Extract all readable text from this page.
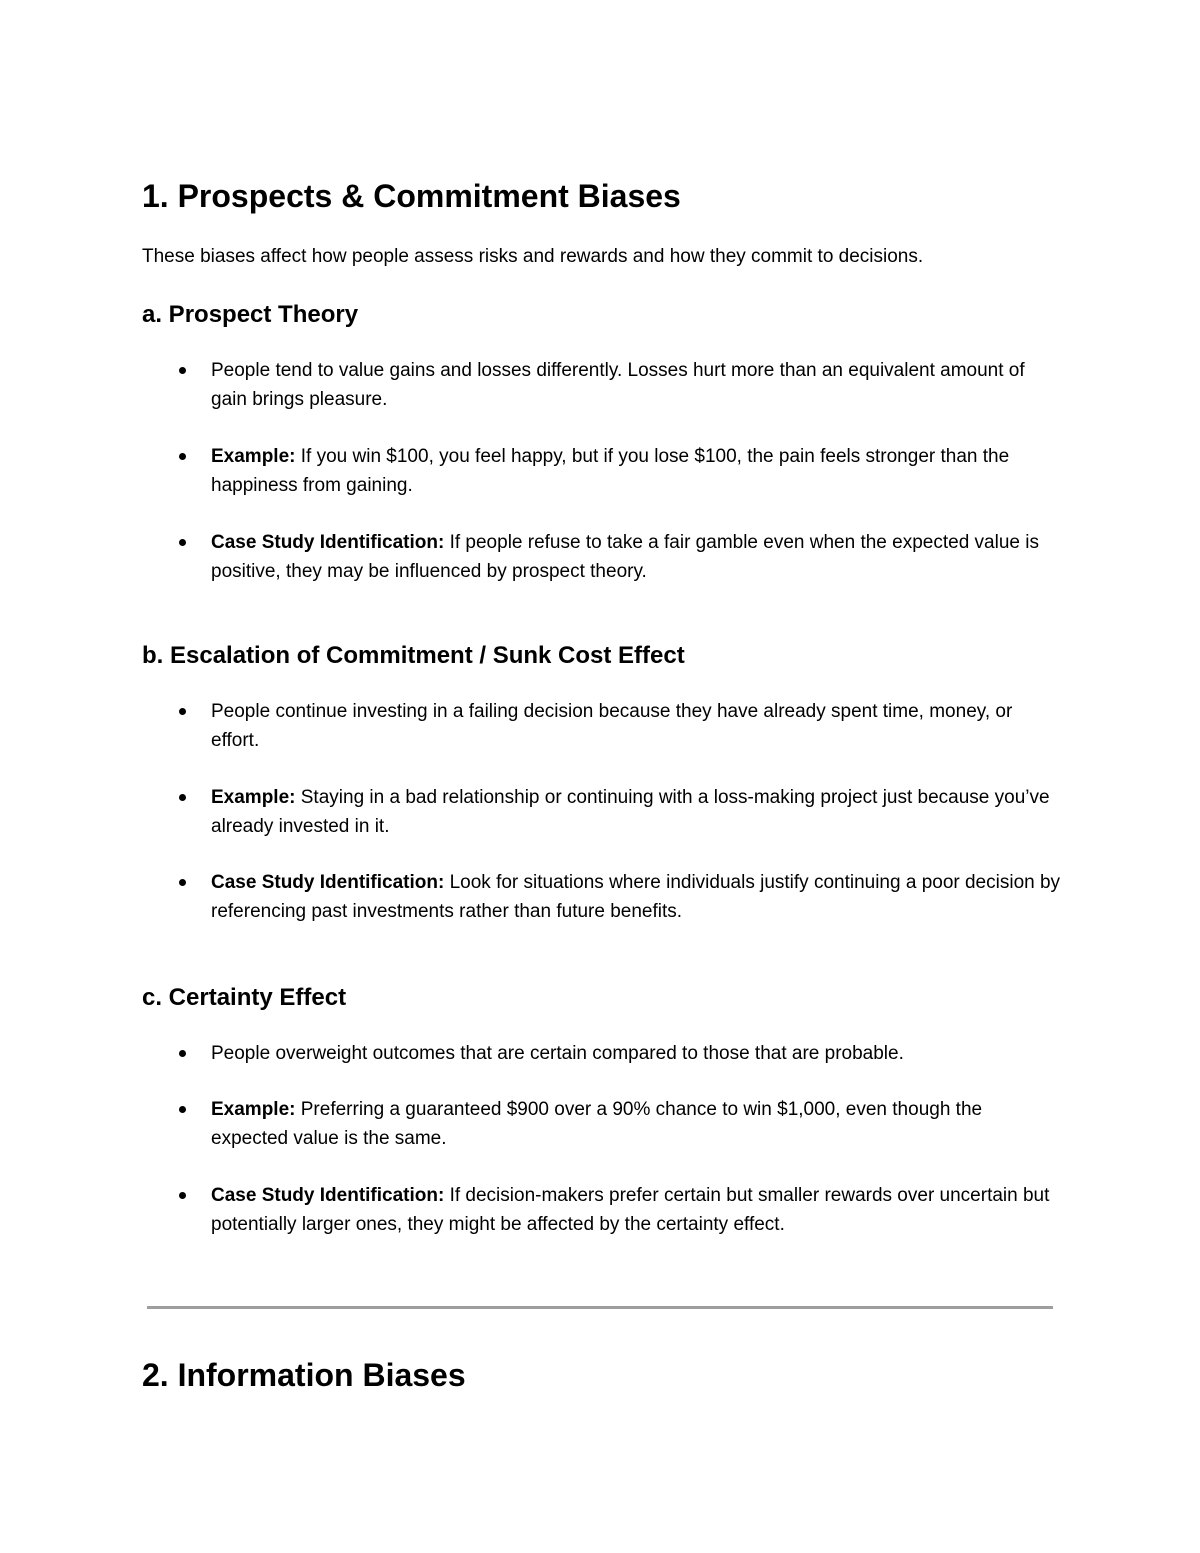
1. Prospects & Commitment Biases

These biases affect how people assess risks and rewards and how they commit to decisions.

a. Prospect Theory

People tend to value gains and losses differently. Losses hurt more than an equivalent amount of gain brings pleasure.

Example: If you win $100, you feel happy, but if you lose $100, the pain feels stronger than the happiness from gaining.

Case Study Identification: If people refuse to take a fair gamble even when the expected value is positive, they may be influenced by prospect theory.

b. Escalation of Commitment / Sunk Cost Effect

People continue investing in a failing decision because they have already spent time, money, or effort.

Example: Staying in a bad relationship or continuing with a loss-making project just because you’ve already invested in it.

Case Study Identification: Look for situations where individuals justify continuing a poor decision by referencing past investments rather than future benefits.

c. Certainty Effect

People overweight outcomes that are certain compared to those that are probable.

Example: Preferring a guaranteed $900 over a 90% chance to win $1,000, even though the expected value is the same.

Case Study Identification: If decision-makers prefer certain but smaller rewards over uncertain but potentially larger ones, they might be affected by the certainty effect.

2. Information Biases
